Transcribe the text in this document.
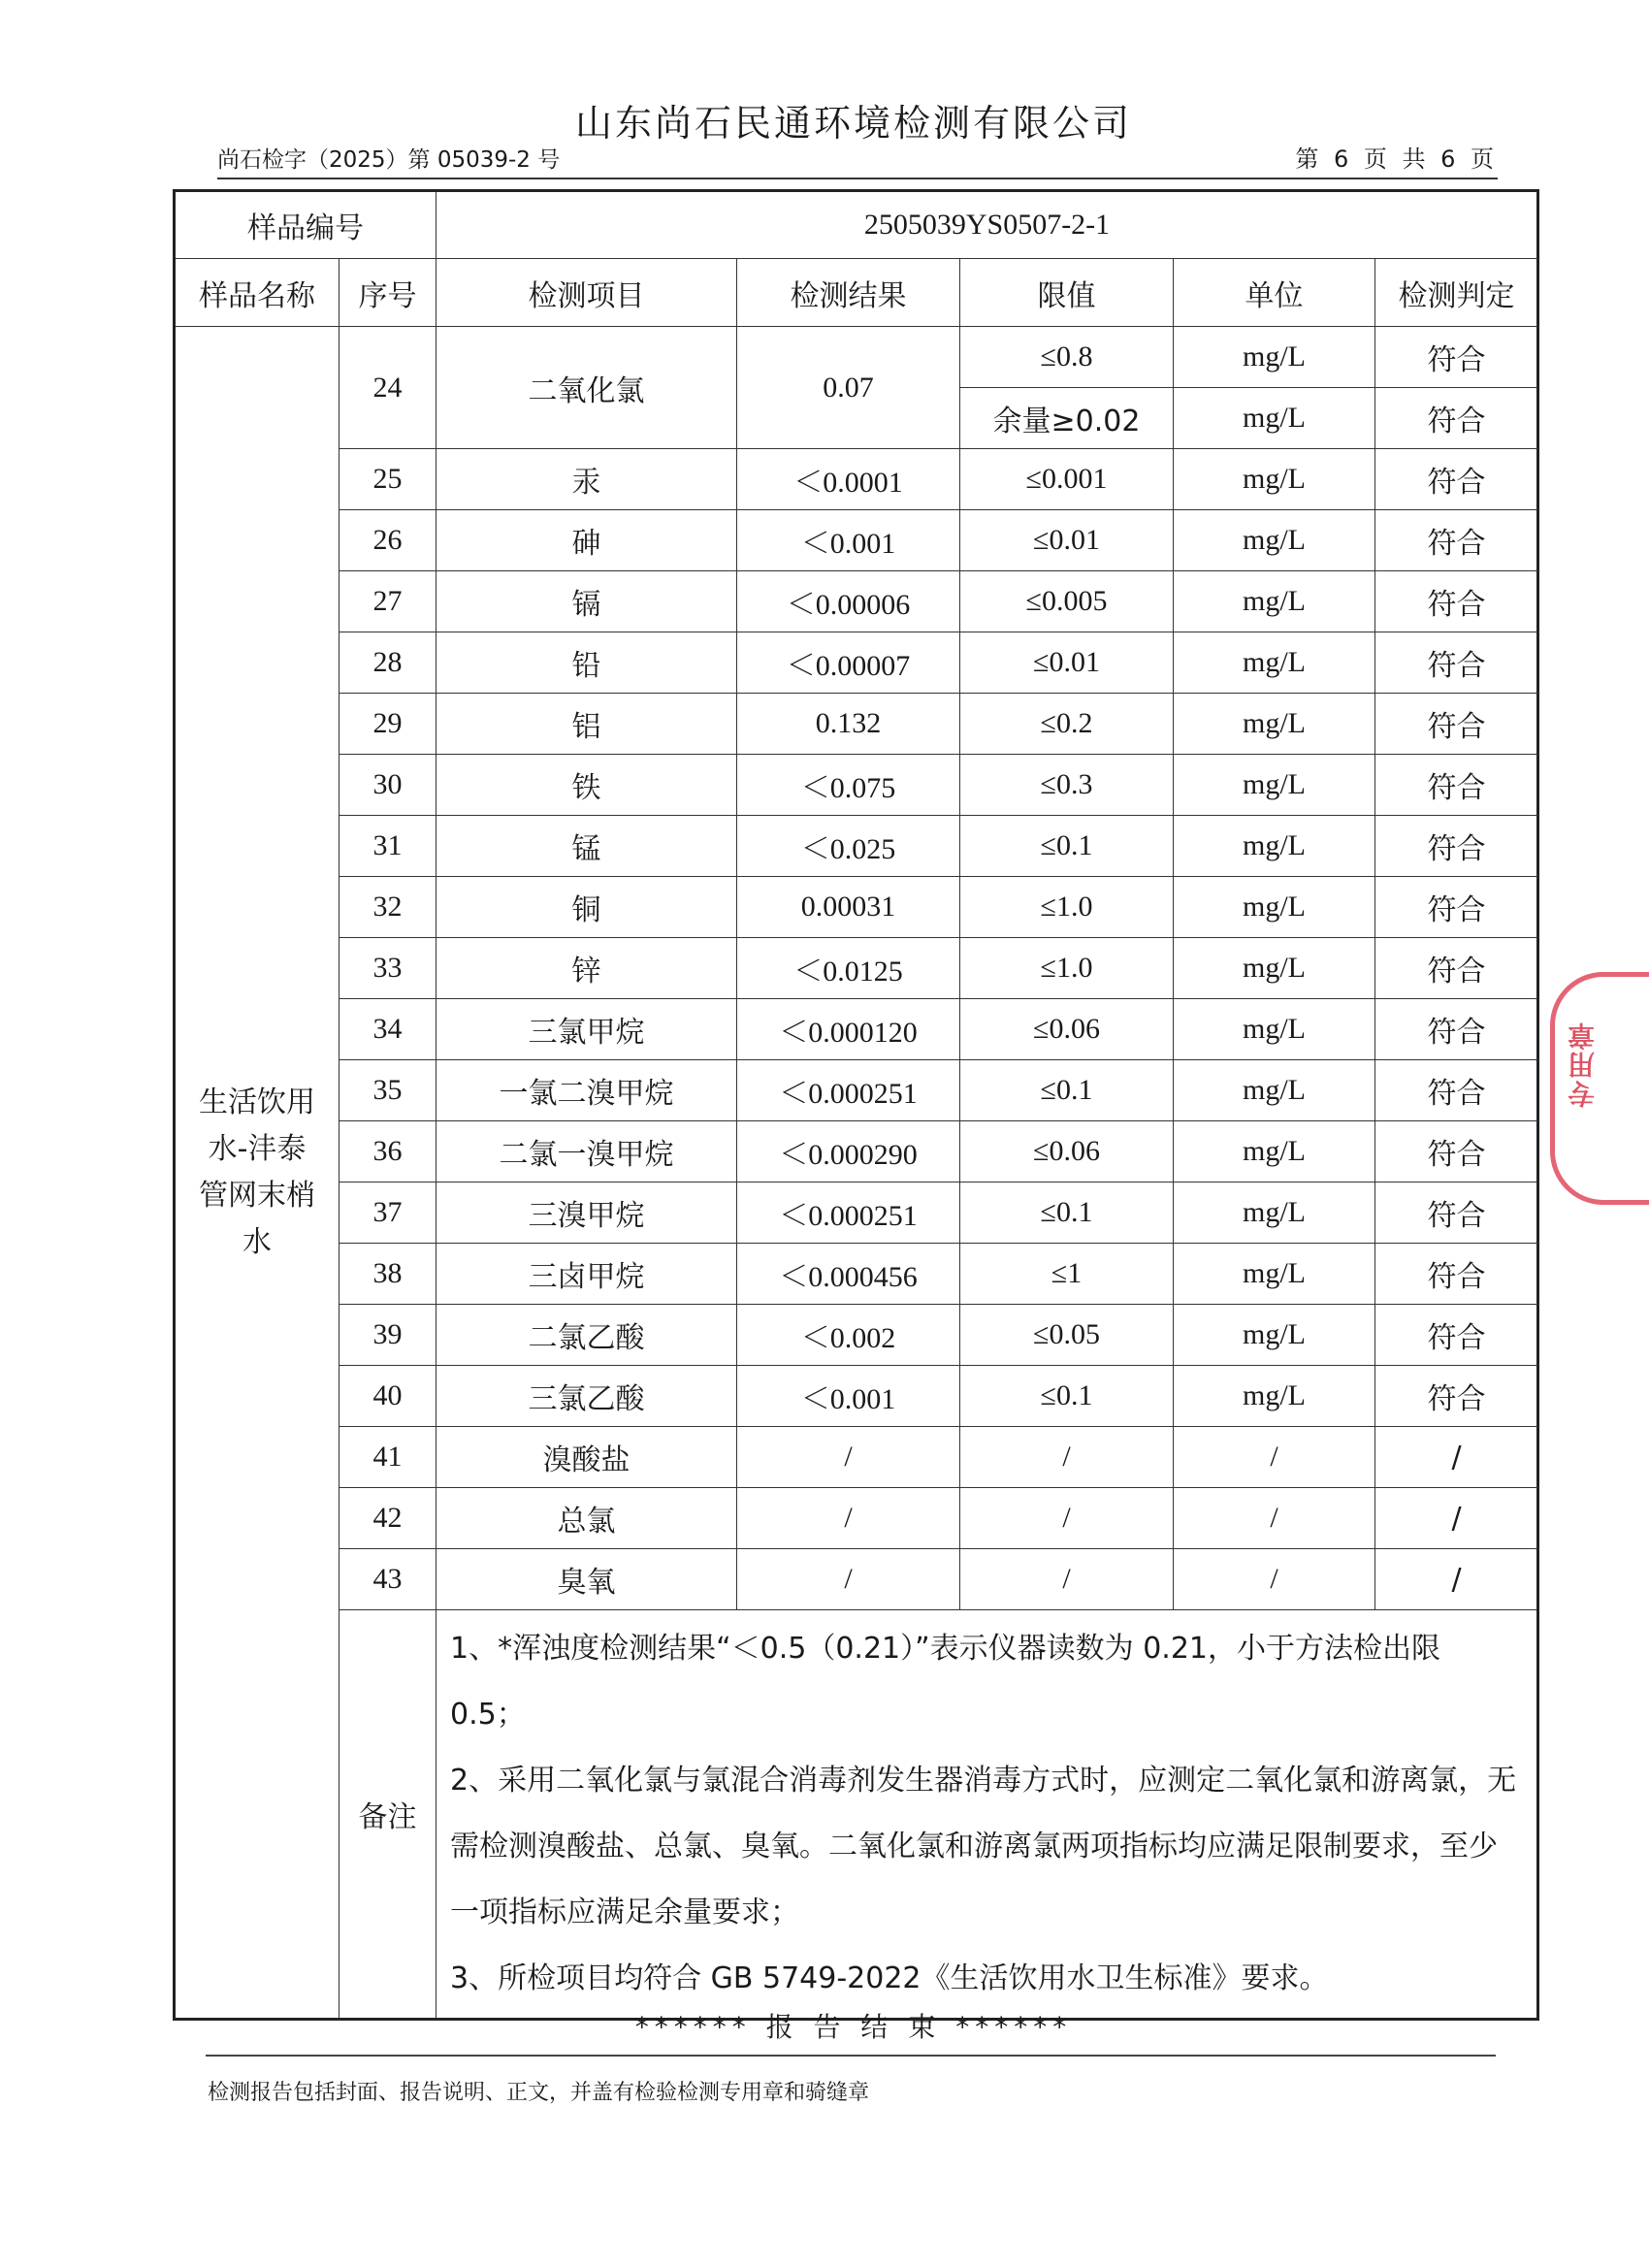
山东尚石民通环境检测有限公司
尚石检字（2025）第 05039-2 号	第 6 页 共 6 页
样品编号		2505039YS0507-2-1				
样品名称	序号	检测项目	检测结果	限值	单位	检测判定

生活饮用
水-沣泰
管网末梢
水	24	二氧化氯	0.07	≤0.8	mg/L	符合
				余量≥0.02	mg/L	符合
	25	汞	＜0.0001	≤0.001	mg/L	符合
	26	砷	＜0.001	≤0.01	mg/L	符合
	27	镉	＜0.00006	≤0.005	mg/L	符合
	28	铅	＜0.00007	≤0.01	mg/L	符合
	29	铝	0.132	≤0.2	mg/L	符合
	30	铁	＜0.075	≤0.3	mg/L	符合
	31	锰	＜0.025	≤0.1	mg/L	符合
	32	铜	0.00031	≤1.0	mg/L	符合
	33	锌	＜0.0125	≤1.0	mg/L	符合
	34	三氯甲烷	＜0.000120	≤0.06	mg/L	符合
	35	一氯二溴甲烷	＜0.000251	≤0.1	mg/L	符合
	36	二氯一溴甲烷	＜0.000290	≤0.06	mg/L	符合
	37	三溴甲烷	＜0.000251	≤0.1	mg/L	符合
	38	三卤甲烷	＜0.000456	≤1	mg/L	符合
	39	二氯乙酸	＜0.002	≤0.05	mg/L	符合
	40	三氯乙酸	＜0.001	≤0.1	mg/L	符合
	41	溴酸盐	/	/	/	/
	42	总氯	/	/	/	/
	43	臭氧	/	/	/	/
	备注	1、*浑浊度检测结果“＜0.5（0.21）”表示仪器读数为 0.21，小于方法检出限 0.5；
2、采用二氧化氯与氯混合消毒剂发生器消毒方式时，应测定二氧化氯和游离氯，无
需检测溴酸盐、总氯、臭氧。二氧化氯和游离氯两项指标均应满足限制要求，至少
一项指标应满足余量要求；
3、所检项目均符合 GB 5749-2022《生活饮用水卫生标准》要求。				
专用章
****** 报 告 结 束 ******
检测报告包括封面、报告说明、正文，并盖有检验检测专用章和骑缝章
